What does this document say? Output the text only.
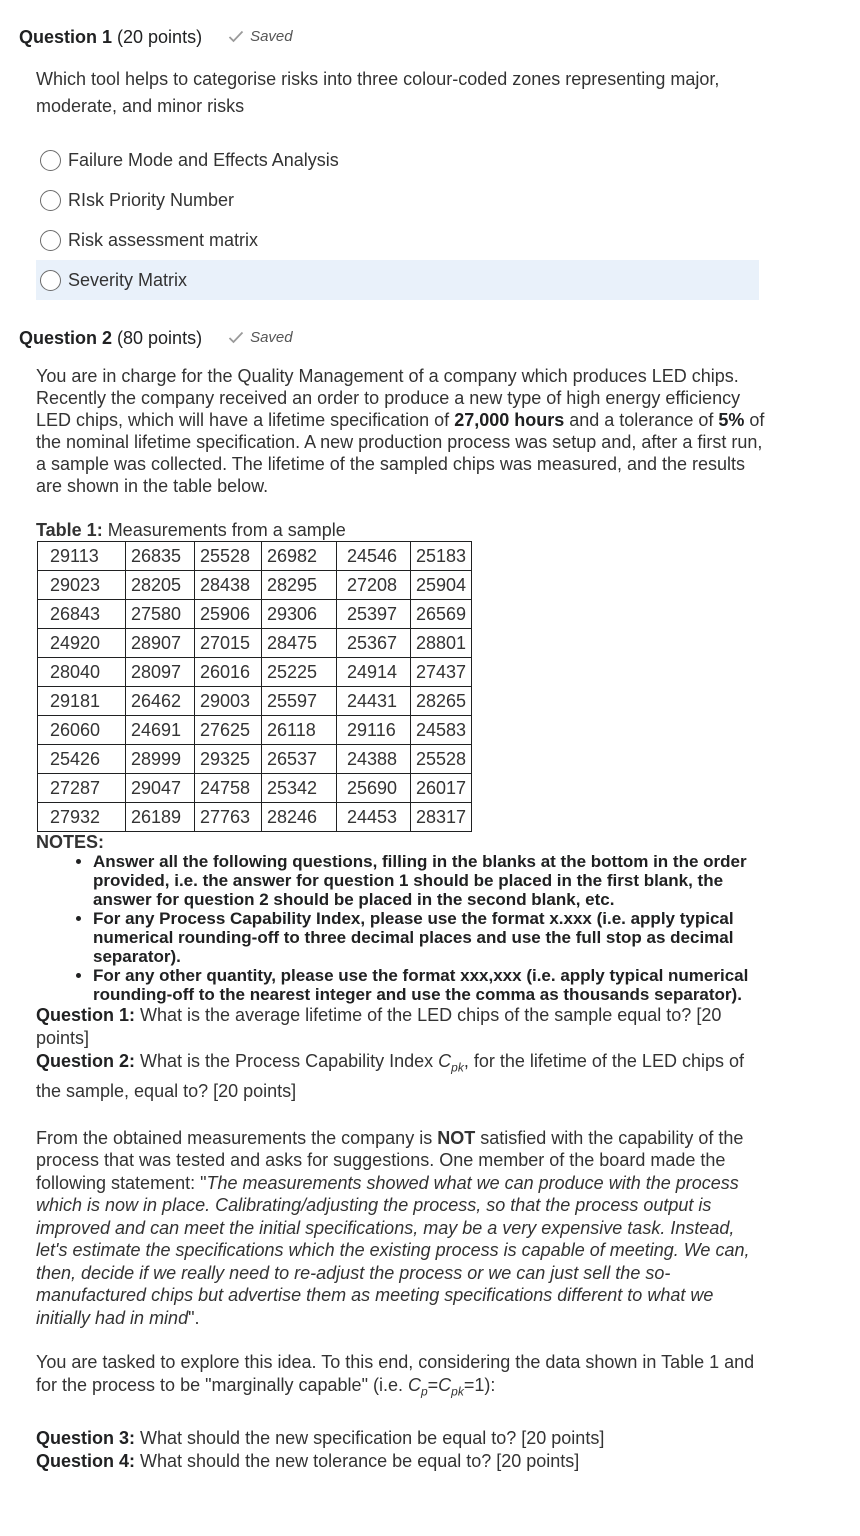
Question 1 (20 points)	Saved
Which tool helps to categorise risks into three colour-coded zones representing major, moderate, and minor risks
Failure Mode and Effects Analysis
RIsk Priority Number
Risk assessment matrix
Severity Matrix
Question 2 (80 points)	Saved

You are in charge for the Quality Management of a company which produces LED chips.

Recently the company received an order to produce a new type of high energy efficiency LED chips, which will have a lifetime specification of 27,000 hours and a tolerance of 5% of the nominal lifetime specification. A new production process was setup and, after a first run, a sample was collected. The lifetime of the sampled chips was measured, and the results are shown in the table below.

Table 1: Measurements from a sample
29113	26835	25528	26982	24546	25183
29023	28205	28438	28295	27208	25904
26843	27580	25906	29306	25397	26569
24920	28907	27015	28475	25367	28801
28040	28097	26016	25225	24914	27437
29181	26462	29003	25597	24431	28265
26060	24691	27625	26118	29116	24583
25426	28999	29325	26537	24388	25528
27287	29047	24758	25342	25690	26017
27932	26189	27763	28246	24453	28317
NOTES:
• Answer all the following questions, filling in the blanks at the bottom in the order provided, i.e. the answer for question 1 should be placed in the first blank, the answer for question 2 should be placed in the second blank, etc.
• For any Process Capability Index, please use the format x.xxx (i.e. apply typical numerical rounding-off to three decimal places and use the full stop as decimal separator).
• For any other quantity, please use the format xxx,xxx (i.e. apply typical numerical rounding-off to the nearest integer and use the comma as thousands separator).
Question 1: What is the average lifetime of the LED chips of the sample equal to? [20 points]
Question 2: What is the Process Capability Index $C_{pk}$, for the lifetime of the LED chips of the sample, equal to? [20 points]
From the obtained measurements the company is NOT satisfied with the capability of the process that was tested and asks for suggestions. One member of the board made the following statement: "The measurements showed what we can produce with the process which is now in place. Calibrating/adjusting the process, so that the process output is improved and can meet the initial specifications, may be a very expensive task. Instead, let's estimate the specifications which the existing process is capable of meeting. We can, then, decide if we really need to re-adjust the process or we can just sell the so-manufactured chips but advertise them as meeting specifications different to what we initially had in mind".
You are tasked to explore this idea. To this end, considering the data shown in Table 1 and for the process to be "marginally capable" (i.e. $C_p=C_{pk}=1$):
Question 3: What should the new specification be equal to? [20 points]
Question 4: What should the new tolerance be equal to? [20 points]
